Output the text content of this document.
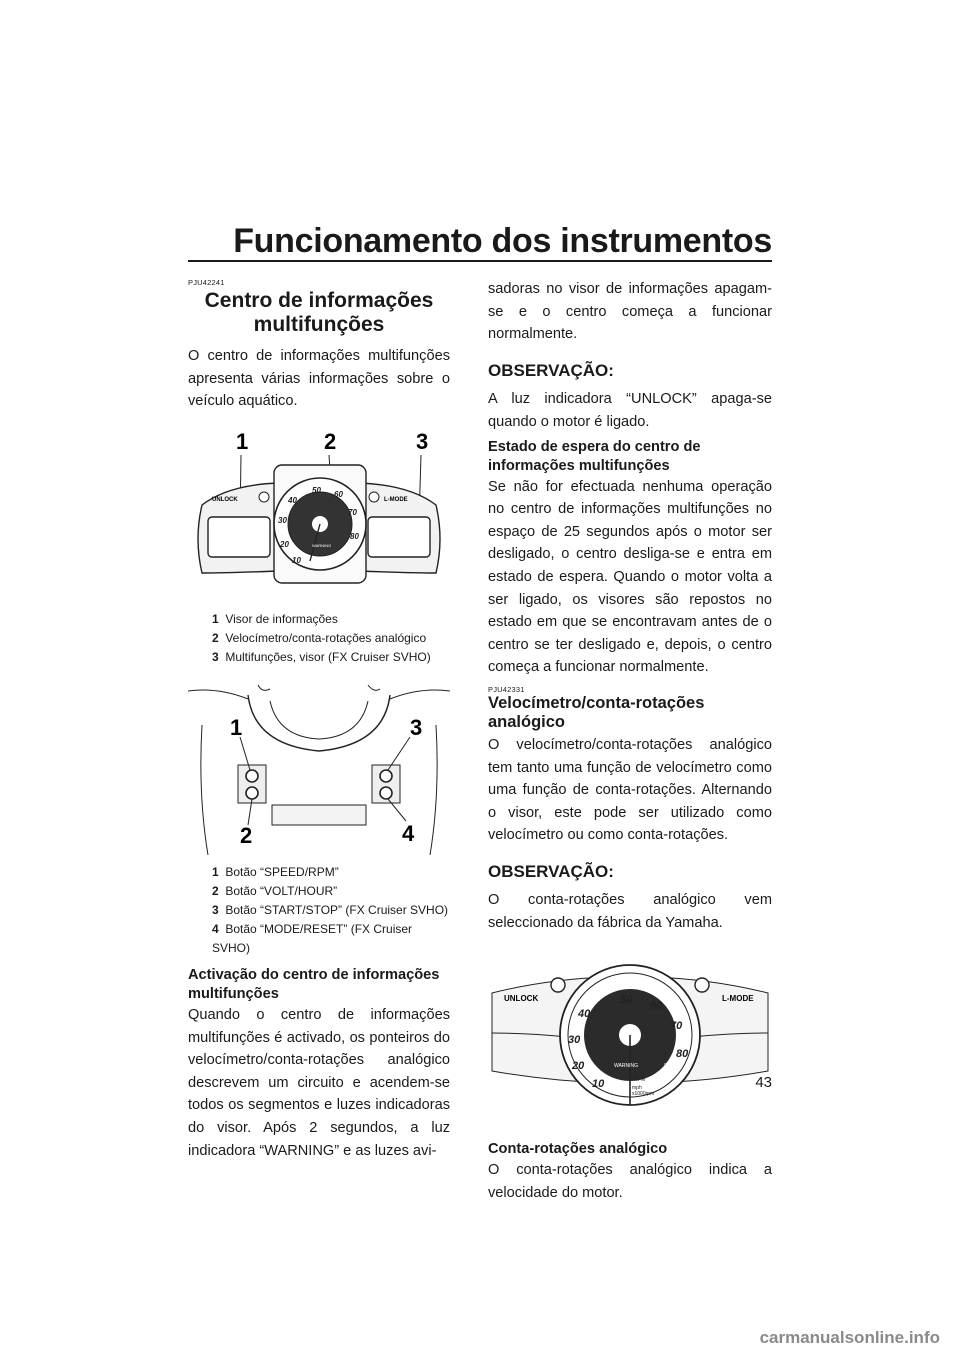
Funcionamento dos instrumentos
PJU42241
Centro de informações
multifunções

O centro de informações multifunções apresenta várias informações sobre o veículo aquático.

1	2	3
UNLOCK	L-MODE
10
20
30
40
50 60
70
80
WARNING
1 Visor de informações
2 Velocímetro/conta-rotações analógico
3 Multifunções, visor (FX Cruiser SVHO)
1	3
2	4
1 Botão “SPEED/RPM”
2 Botão “VOLT/HOUR”
3 Botão “START/STOP” (FX Cruiser SVHO)
4 Botão “MODE/RESET” (FX Cruiser SVHO)

Activação do centro de informações multifunções

Quando o centro de informações multifunções é activado, os ponteiros do velocímetro/conta-rotações analógico descrevem um circuito e acendem-se todos os segmentos e luzes indicadoras do visor. Após 2 segundos, a luz indicadora “WARNING” e as luzes avi-

sadoras no visor de informações apagam-se e o centro começa a funcionar normalmente.

OBSERVAÇÃO:

A luz indicadora “UNLOCK” apaga-se quando o motor é ligado.

Estado de espera do centro de informações multifunções

Se não for efectuada nenhuma operação no centro de informações multifunções no espaço de 25 segundos após o motor ser desligado, o centro desliga-se e entra em estado de espera. Quando o motor volta a ser ligado, os visores são repostos no estado em que se encontravam antes de o centro se ter desligado e, depois, o centro começa a funcionar normalmente.

PJU42331

Velocímetro/conta-rotações analógico

O velocímetro/conta-rotações analógico tem tanto uma função de velocímetro como uma função de conta-rotações. Alternando o visor, este pode ser utilizado como velocímetro ou como conta-rotações.

OBSERVAÇÃO:

O conta-rotações analógico vem seleccionado da fábrica da Yamaha.

UNLOCK	L-MODE
10
20
30
40
50 60
70
80
WARNING	SPEED
RPM
mph
x1000rpm

Conta-rotações analógico

O conta-rotações analógico indica a velocidade do motor.

43
carmanualsonline.info
